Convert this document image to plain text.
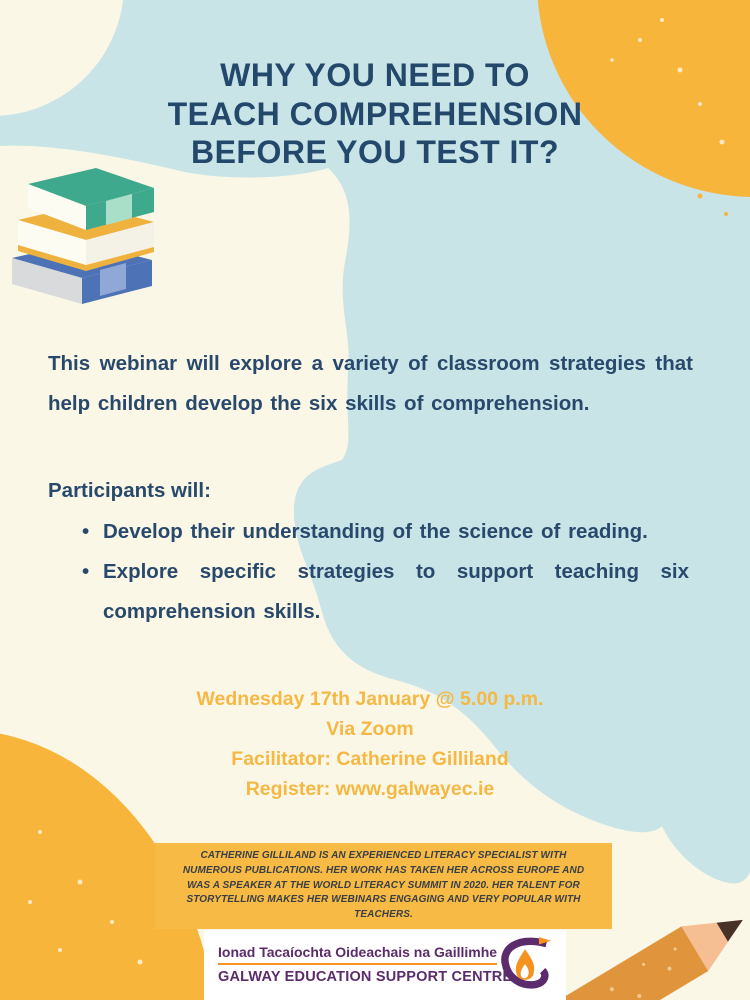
WHY YOU NEED TO
TEACH COMPREHENSION
BEFORE YOU TEST IT?
This webinar will explore a variety of classroom strategies that help children develop the six skills of comprehension.
Participants will:
• Develop their understanding of the science of reading.
• Explore specific strategies to support teaching six comprehension skills.
Wednesday 17th January @ 5.00 p.m.
Via Zoom
Facilitator: Catherine Gilliland
Register: www.galwayec.ie
CATHERINE GILLILAND IS AN EXPERIENCED LITERACY SPECIALIST WITH NUMEROUS PUBLICATIONS. HER WORK HAS TAKEN HER ACROSS EUROPE AND WAS A SPEAKER AT THE WORLD LITERACY SUMMIT IN 2020. HER TALENT FOR STORYTELLING MAKES HER WEBINARS ENGAGING AND VERY POPULAR WITH TEACHERS.
Ionad Tacaíochta Oideachais na Gaillimhe
GALWAY EDUCATION SUPPORT CENTRE
